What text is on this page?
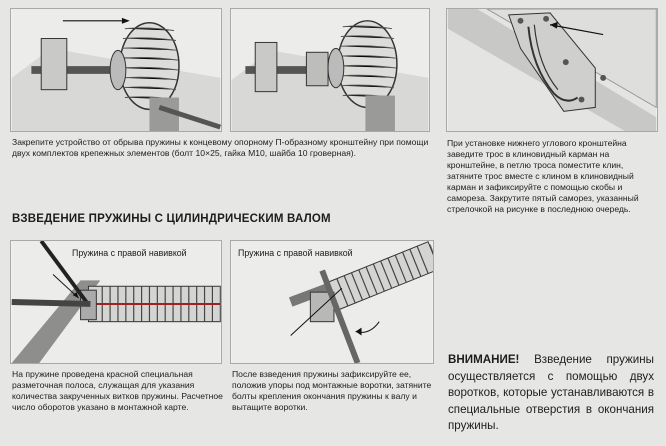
Закрепите устройство от обрыва пружины к концевому опорному П-образному кронштейну при помощи двух комплектов крепежных элементов (болт 10×25, гайка М10, шайба 10 гроверная).
При установке нижнего углового кронштейна заведите трос в клиновидный карман на кронштейне, в петлю троса поместите клин, затяните трос вместе с клином в клиновидный карман и зафиксируйте с помощью скобы и самореза. Закрутите пятый саморез, указанный стрелочкой на рисунке в последнюю очередь.
ВЗВЕДЕНИЕ ПРУЖИНЫ С ЦИЛИНДРИЧЕСКИМ ВАЛОМ
Пружина с правой навивкой	Пружина с правой навивкой
На пружине проведена красной специальная разметочная полоса, служащая для указания количества закрученных витков пружины. Расчетное число оборотов указано в монтажной карте.
После взведения пружины зафиксируйте ее, положив упоры под монтажные воротки, затяните болты крепления окончания пружины к валу и вытащите воротки.
ВНИМАНИЕ! Взведение пружины осуществляется с помощью двух воротков, которые устанавливаются в специальные отверстия в окончания пружины.
